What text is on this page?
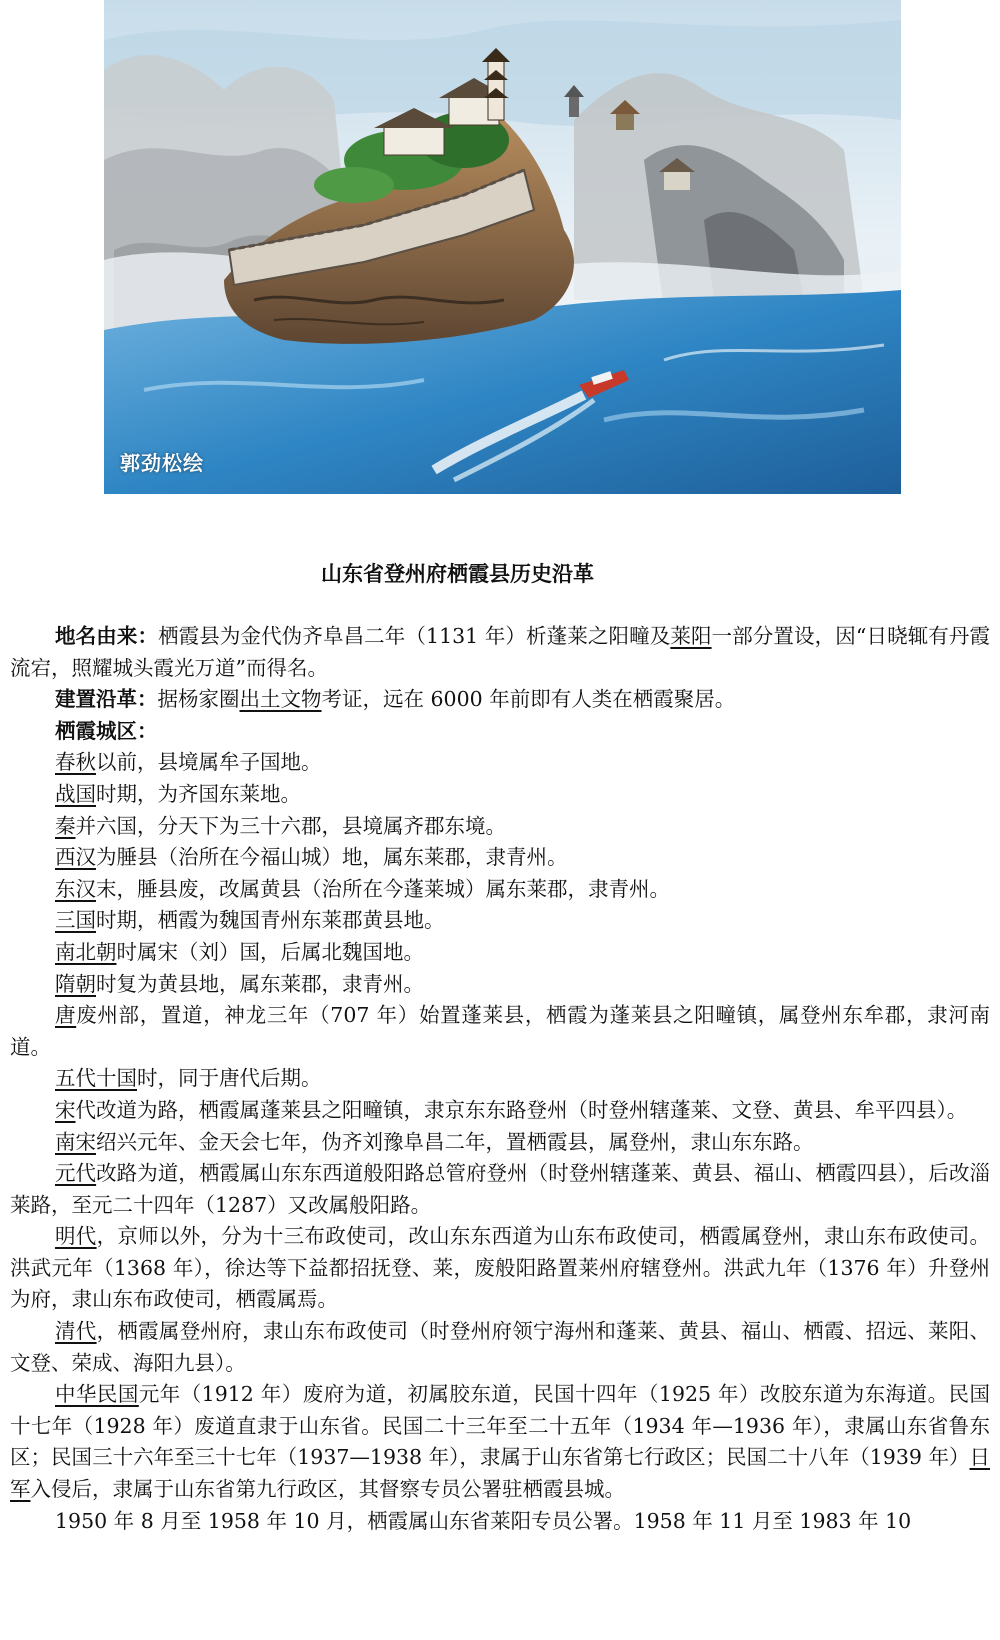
郭劲松绘
山东省登州府栖霞县历史沿革

地名由来：栖霞县为金代伪齐阜昌二年（1131 年）析蓬莱之阳疃及莱阳一部分置设，因“日晓辄有丹霞流宕，照耀城头霞光万道”而得名。

建置沿革：据杨家圈出土文物考证，远在 6000 年前即有人类在栖霞聚居。

栖霞城区：

春秋以前，县境属牟子国地。

战国时期，为齐国东莱地。

秦并六国，分天下为三十六郡，县境属齐郡东境。

西汉为腄县（治所在今福山城）地，属东莱郡，隶青州。

东汉末，腄县废，改属黄县（治所在今蓬莱城）属东莱郡，隶青州。

三国时期，栖霞为魏国青州东莱郡黄县地。

南北朝时属宋（刘）国，后属北魏国地。

隋朝时复为黄县地，属东莱郡，隶青州。

唐废州部，置道，神龙三年（707 年）始置蓬莱县，栖霞为蓬莱县之阳疃镇，属登州东牟郡，隶河南道。

五代十国时，同于唐代后期。

宋代改道为路，栖霞属蓬莱县之阳疃镇，隶京东东路登州（时登州辖蓬莱、文登、黄县、牟平四县）。

南宋绍兴元年、金天会七年，伪齐刘豫阜昌二年，置栖霞县，属登州，隶山东东路。

元代改路为道，栖霞属山东东西道般阳路总管府登州（时登州辖蓬莱、黄县、福山、栖霞四县），后改淄莱路，至元二十四年（1287）又改属般阳路。

明代，京师以外，分为十三布政使司，改山东东西道为山东布政使司，栖霞属登州，隶山东布政使司。洪武元年（1368 年），徐达等下益都招抚登、莱，废般阳路置莱州府辖登州。洪武九年（1376 年）升登州为府，隶山东布政使司，栖霞属焉。

清代，栖霞属登州府，隶山东布政使司（时登州府领宁海州和蓬莱、黄县、福山、栖霞、招远、莱阳、文登、荣成、海阳九县）。

中华民国元年（1912 年）废府为道，初属胶东道，民国十四年（1925 年）改胶东道为东海道。民国十七年（1928 年）废道直隶于山东省。民国二十三年至二十五年（1934 年—1936 年），隶属山东省鲁东区；民国三十六年至三十七年（1937—1938 年），隶属于山东省第七行政区；民国二十八年（1939 年）日军入侵后，隶属于山东省第九行政区，其督察专员公署驻栖霞县城。

1950 年 8 月至 1958 年 10 月，栖霞属山东省莱阳专员公署。1958 年 11 月至 1983 年 10
